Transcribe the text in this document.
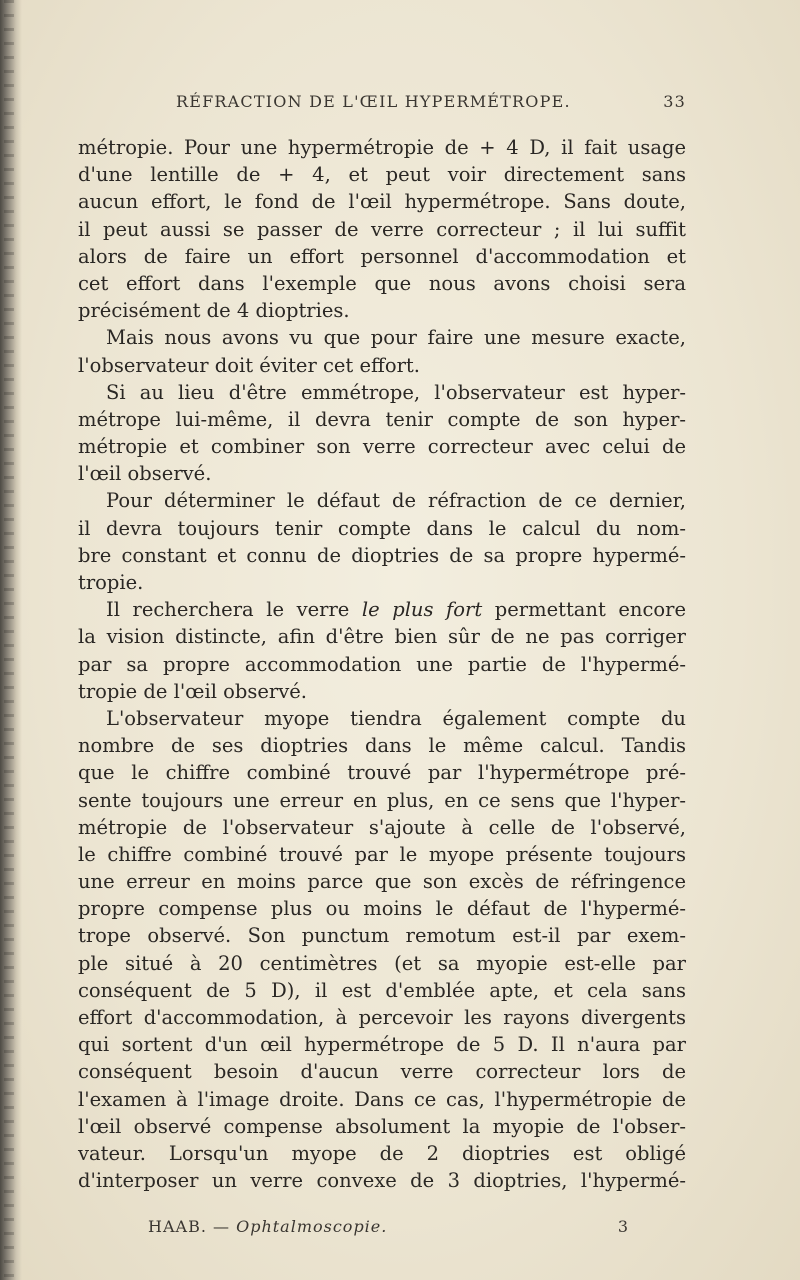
RÉFRACTION DE L'ŒIL HYPERMÉTROPE.	33
métropie. Pour une hypermétropie de + 4 D, il fait usage
d'une lentille de + 4, et peut voir directement sans
aucun effort, le fond de l'œil hypermétrope. Sans doute,
il peut aussi se passer de verre correcteur ; il lui suffit
alors de faire un effort personnel d'accommodation et
cet effort dans l'exemple que nous avons choisi sera
précisément de 4 dioptries.
Mais nous avons vu que pour faire une mesure exacte,
l'observateur doit éviter cet effort.
Si au lieu d'être emmétrope, l'observateur est hyper-
métrope lui-même, il devra tenir compte de son hyper-
métropie et combiner son verre correcteur avec celui de
l'œil observé.
Pour déterminer le défaut de réfraction de ce dernier,
il devra toujours tenir compte dans le calcul du nom-
bre constant et connu de dioptries de sa propre hypermé-
tropie.
Il recherchera le verre le plus fort permettant encore
la vision distincte, afin d'être bien sûr de ne pas corriger
par sa propre accommodation une partie de l'hypermé-
tropie de l'œil observé.
L'observateur myope tiendra également compte du
nombre de ses dioptries dans le même calcul. Tandis
que le chiffre combiné trouvé par l'hypermétrope pré-
sente toujours une erreur en plus, en ce sens que l'hyper-
métropie de l'observateur s'ajoute à celle de l'observé,
le chiffre combiné trouvé par le myope présente toujours
une erreur en moins parce que son excès de réfringence
propre compense plus ou moins le défaut de l'hypermé-
trope observé. Son punctum remotum est-il par exem-
ple situé à 20 centimètres (et sa myopie est-elle par
conséquent de 5 D), il est d'emblée apte, et cela sans
effort d'accommodation, à percevoir les rayons divergents
qui sortent d'un œil hypermétrope de 5 D. Il n'aura par
conséquent besoin d'aucun verre correcteur lors de
l'examen à l'image droite. Dans ce cas, l'hypermétropie de
l'œil observé compense absolument la myopie de l'obser-
vateur. Lorsqu'un myope de 2 dioptries est obligé
d'interposer un verre convexe de 3 dioptries, l'hypermé-
HAAB. — Ophtalmoscopie.	3
